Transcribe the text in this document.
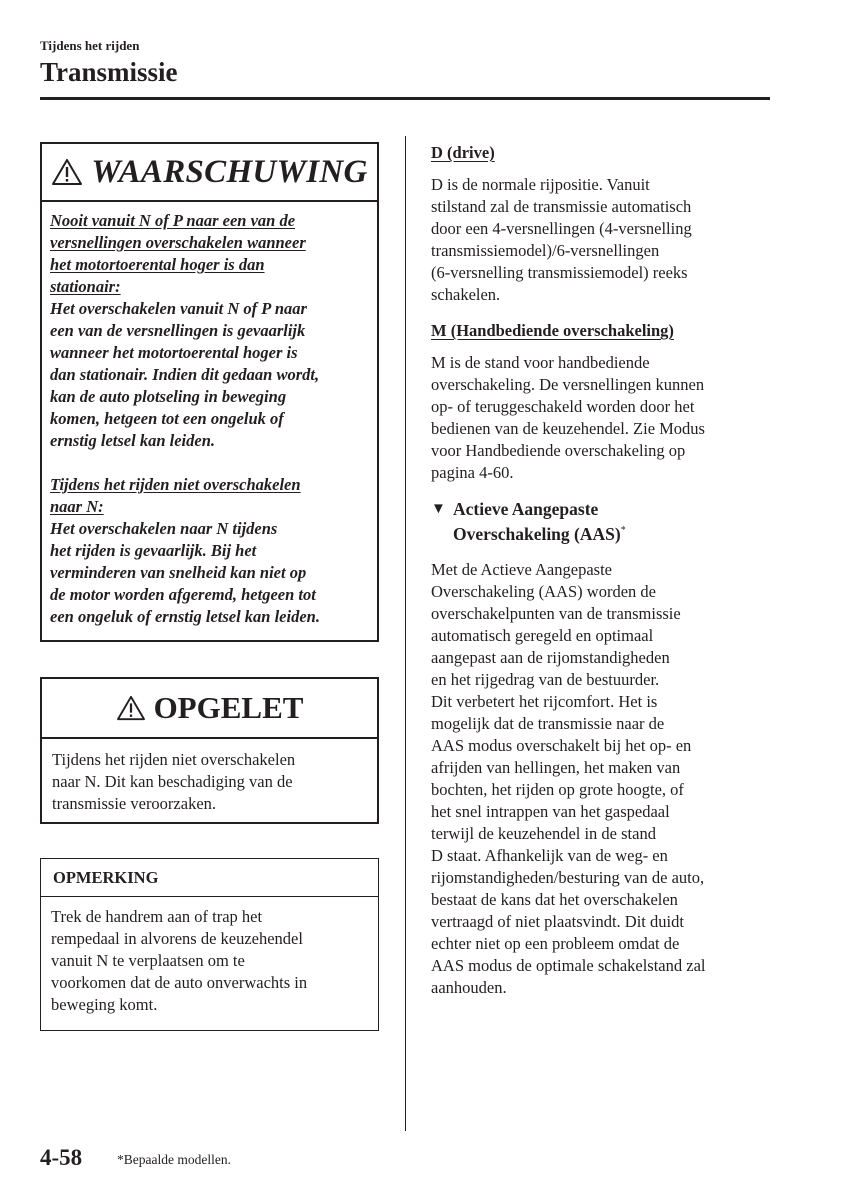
Tijdens het rijden
Transmissie
WAARSCHUWING
Nooit vanuit N of P naar een van de
versnellingen overschakelen wanneer
het motortoerental hoger is dan
stationair:
Het overschakelen vanuit N of P naar
een van de versnellingen is gevaarlijk
wanneer het motortoerental hoger is
dan stationair. Indien dit gedaan wordt,
kan de auto plotseling in beweging
komen, hetgeen tot een ongeluk of
ernstig letsel kan leiden.
Tijdens het rijden niet overschakelen
naar N:
Het overschakelen naar N tijdens
het rijden is gevaarlijk. Bij het
verminderen van snelheid kan niet op
de motor worden afgeremd, hetgeen tot
een ongeluk of ernstig letsel kan leiden.
OPGELET
Tijdens het rijden niet overschakelen
naar N. Dit kan beschadiging van de
transmissie veroorzaken.
OPMERKING
Trek de handrem aan of trap het
rempedaal in alvorens de keuzehendel
vanuit N te verplaatsen om te
voorkomen dat de auto onverwachts in
beweging komt.
D (drive)
D is de normale rijpositie. Vanuit
stilstand zal de transmissie automatisch
door een 4-versnellingen (4-versnelling
transmissiemodel)/6-versnellingen
(6-versnelling transmissiemodel) reeks
schakelen.
M (Handbediende overschakeling)
M is de stand voor handbediende
overschakeling. De versnellingen kunnen
op- of teruggeschakeld worden door het
bedienen van de keuzehendel. Zie Modus
voor Handbediende overschakeling op
pagina 4-60.
▼ Actieve Aangepaste
Overschakeling (AAS)*
Met de Actieve Aangepaste
Overschakeling (AAS) worden de
overschakelpunten van de transmissie
automatisch geregeld en optimaal
aangepast aan de rijomstandigheden
en het rijgedrag van de bestuurder.
Dit verbetert het rijcomfort. Het is
mogelijk dat de transmissie naar de
AAS modus overschakelt bij het op- en
afrijden van hellingen, het maken van
bochten, het rijden op grote hoogte, of
het snel intrappen van het gaspedaal
terwijl de keuzehendel in de stand
D staat. Afhankelijk van de weg- en
rijomstandigheden/besturing van de auto,
bestaat de kans dat het overschakelen
vertraagd of niet plaatsvindt. Dit duidt
echter niet op een probleem omdat de
AAS modus de optimale schakelstand zal
aanhouden.
4-58	*Bepaalde modellen.
